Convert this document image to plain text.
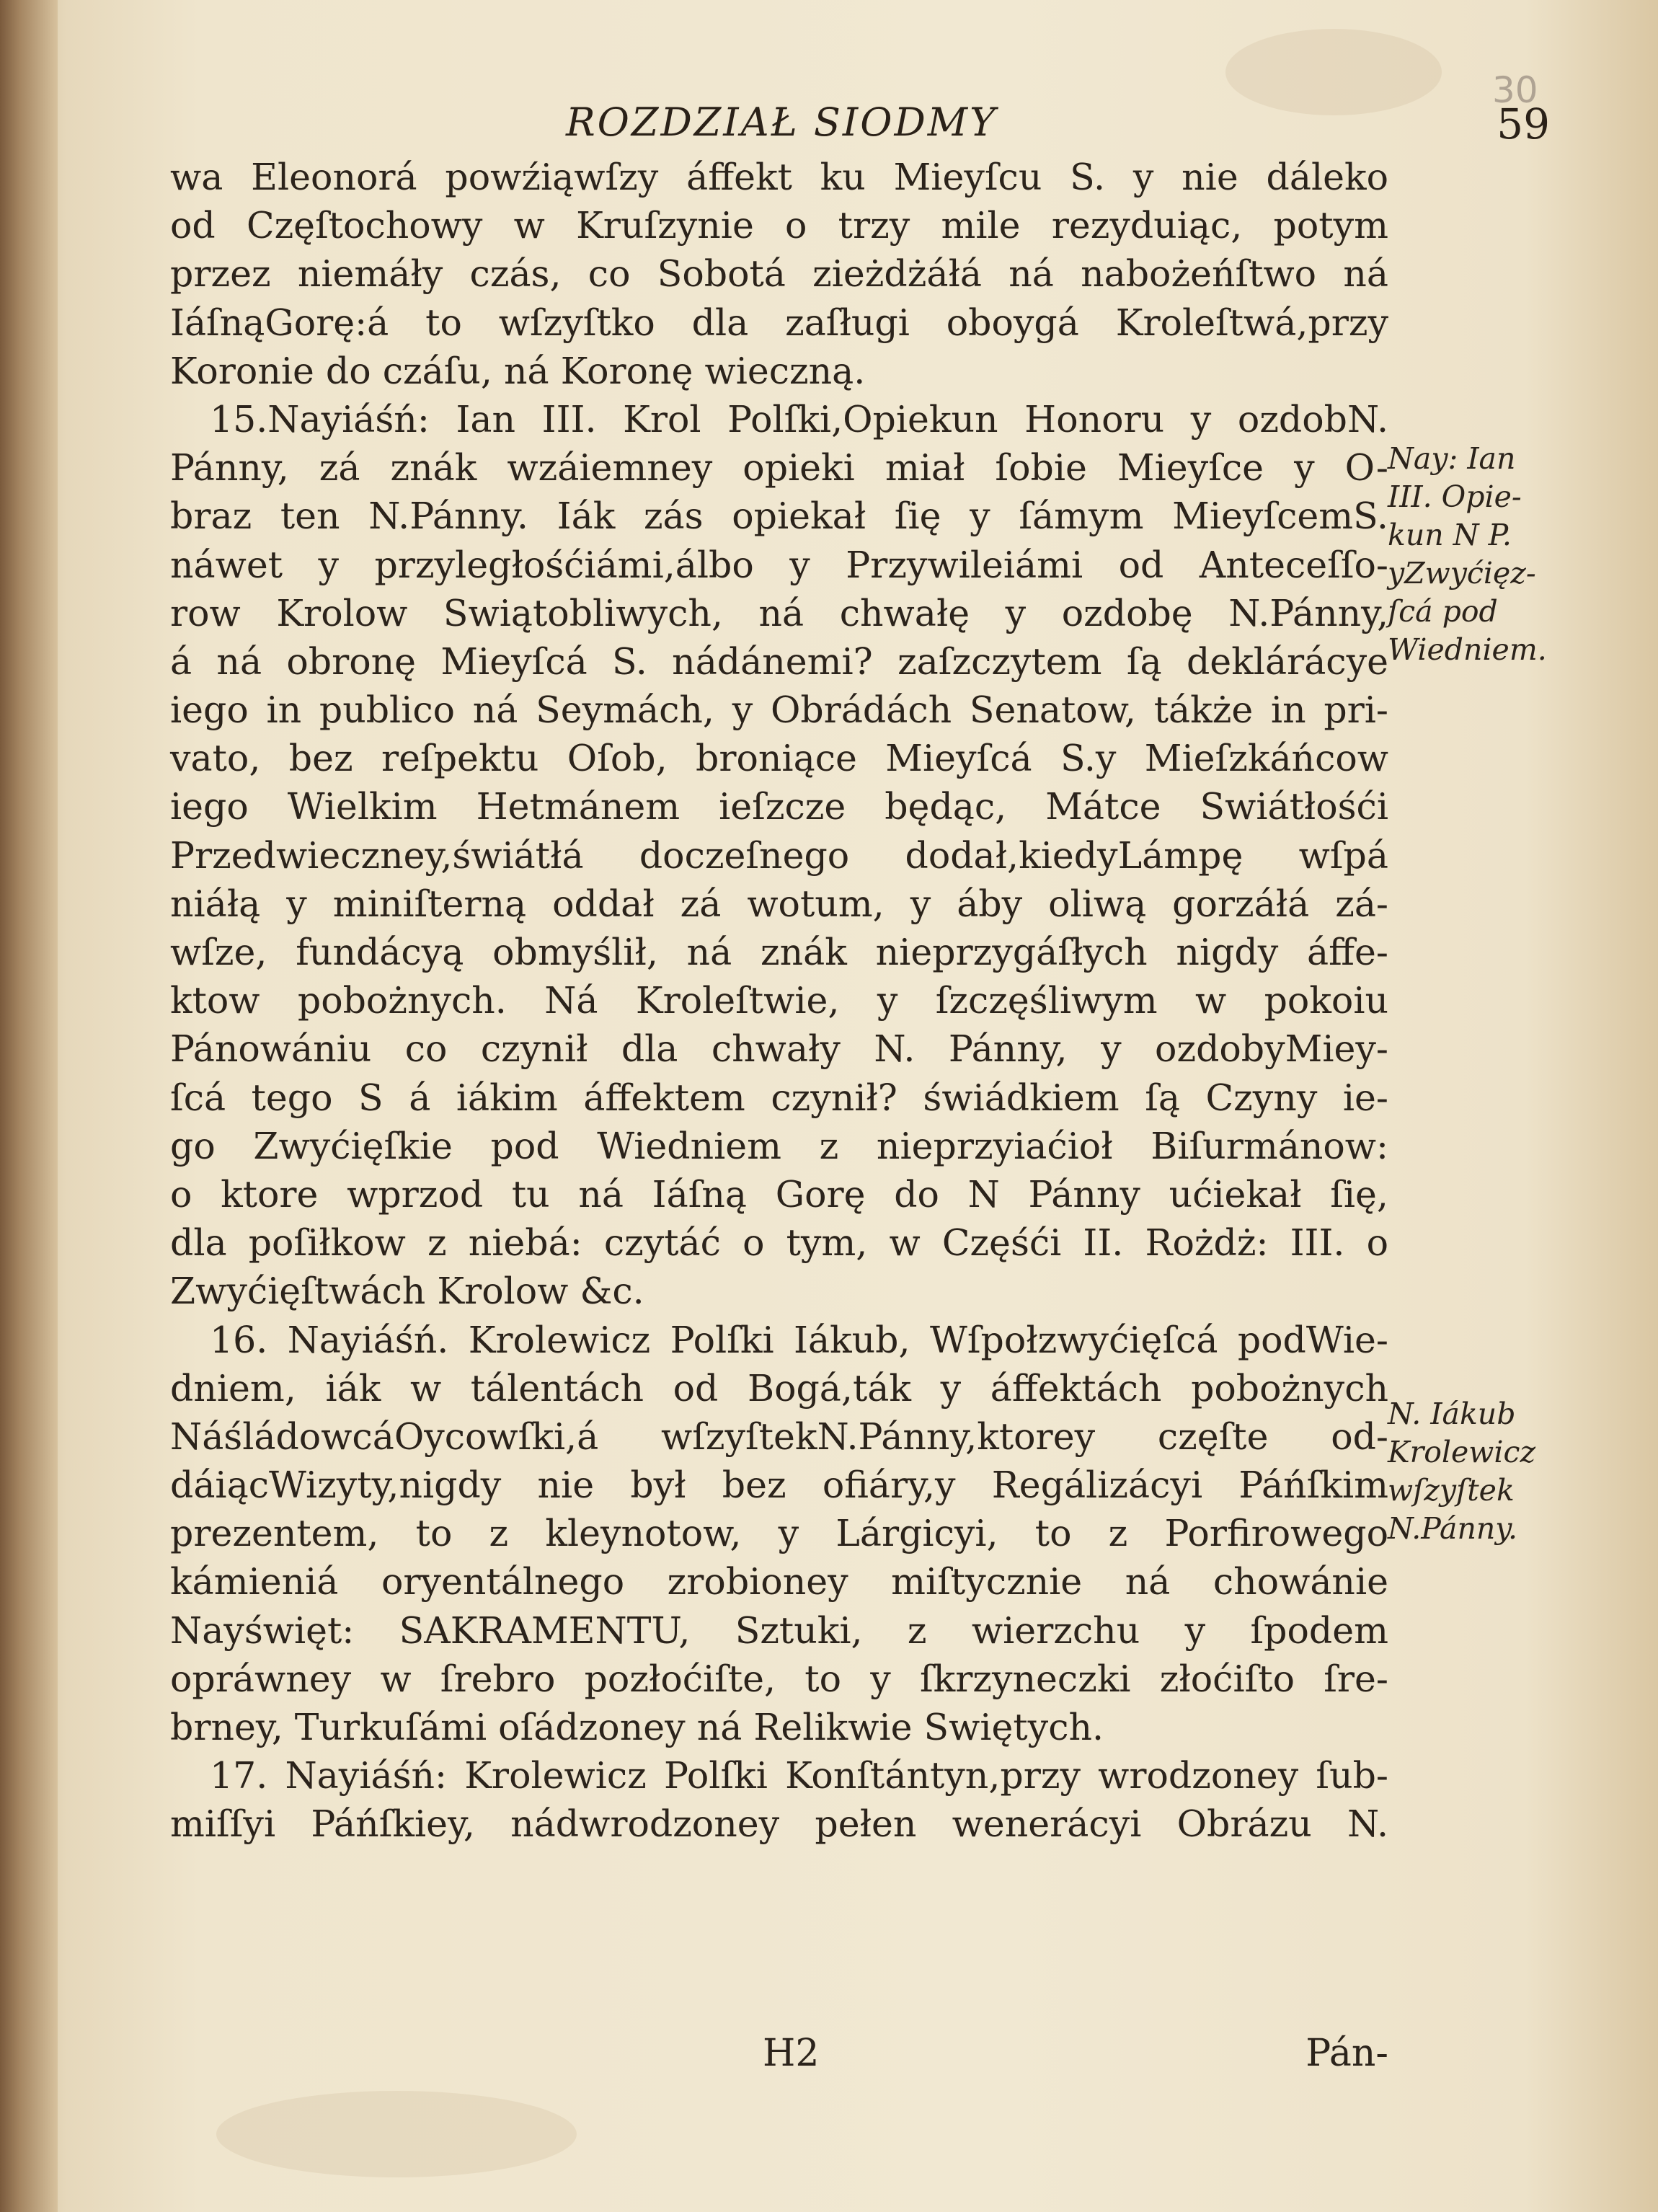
30
ROZDZIAŁ SIODMY	59
wa Eleonorá powźiąwſzy áffekt ku Mieyſcu S. y nie dáleko
od Częſtochowy w Kruſzynie o trzy mile rezyduiąc, potym
przez niemáły czás, co Sobotá zieżdżáłá ná nabożeńſtwo ná
IáſnąGorę:á to wſzyſtko dla zaſługi oboygá Kroleſtwá,przy
Koronie do czáſu, ná Koronę wieczną.
15.Nayiáśń: Ian III. Krol Polſki,Opiekun Honoru y ozdobN.
Pánny, zá znák wzáiemney opieki miał ſobie Mieyſce y O-
braz ten N.Pánny. Iák zás opiekał ſię y ſámym MieyſcemS.
náwet y przyległośćiámi,álbo y Przywileiámi od Anteceſſo-
row Krolow Swiątobliwych, ná chwałę y ozdobę N.Pánny,
á ná obronę Mieyſcá S. nádánemi? zaſzczytem ſą deklárácye
iego in publico ná Seymách, y Obrádách Senatow, tákże in pri-
vato, bez reſpektu Oſob, broniące Mieyſcá S.y Mieſzkáńcow
iego Wielkim Hetmánem ieſzcze będąc, Mátce Swiátłośći
Przedwieczney,świátłá doczeſnego dodał,kiedyLámpę wſpá
niáłą y miniſterną oddał zá wotum, y áby oliwą gorzáłá zá-
wſze, fundácyą obmyślił, ná znák nieprzygáſłych nigdy áffe-
ktow pobożnych. Ná Kroleſtwie, y ſzczęśliwym w pokoiu
Pánowániu co czynił dla chwały N. Pánny, y ozdobyMiey-
ſcá tego S á iákim áffektem czynił? świádkiem ſą Czyny ie-
go Zwyćięſkie pod Wiedniem z nieprzyiaćioł Biſurmánow:
o ktore wprzod tu ná Iáſną Gorę do N Pánny ućiekał ſię,
dla poſiłkow z niebá: czytáć o tym, w Częśći II. Rożdż: III. o
Zwyćięſtwách Krolow &c.
16. Nayiáśń. Krolewicz Polſki Iákub, Wſpołzwyćięſcá podWie-
dniem, iák w tálentách od Bogá,ták y áffektách pobożnych
NáśládowcáOycowſki,á wſzyſtekN.Pánny,ktorey częſte od-
dáiącWizyty,nigdy nie był bez ofiáry,y Regálizácyi Páńſkim
prezentem, to z kleynotow, y Lárgicyi, to z Porfirowego
kámieniá oryentálnego zrobioney miſtycznie ná chowánie
Nayświęt: SAKRAMENTU, Sztuki, z wierzchu y ſpodem
opráwney w ſrebro pozłoćiſte, to y ſkrzyneczki złoćiſto ſre-
brney, Turkuſámi oſádzoney ná Relikwie Swiętych.
17. Nayiáśń: Krolewicz Polſki Konſtántyn,przy wrodzoney ſub-
miſſyi Páńſkiey, nádwrodzoney pełen wenerácyi Obrázu N.
Nay: Ian
III. Opie-
kun N P.
yZwyćięz-
ſcá pod
Wiedniem.
N. Iákub
Krolewicz
wſzyſtek
N.Pánny.
H2	Pán-
